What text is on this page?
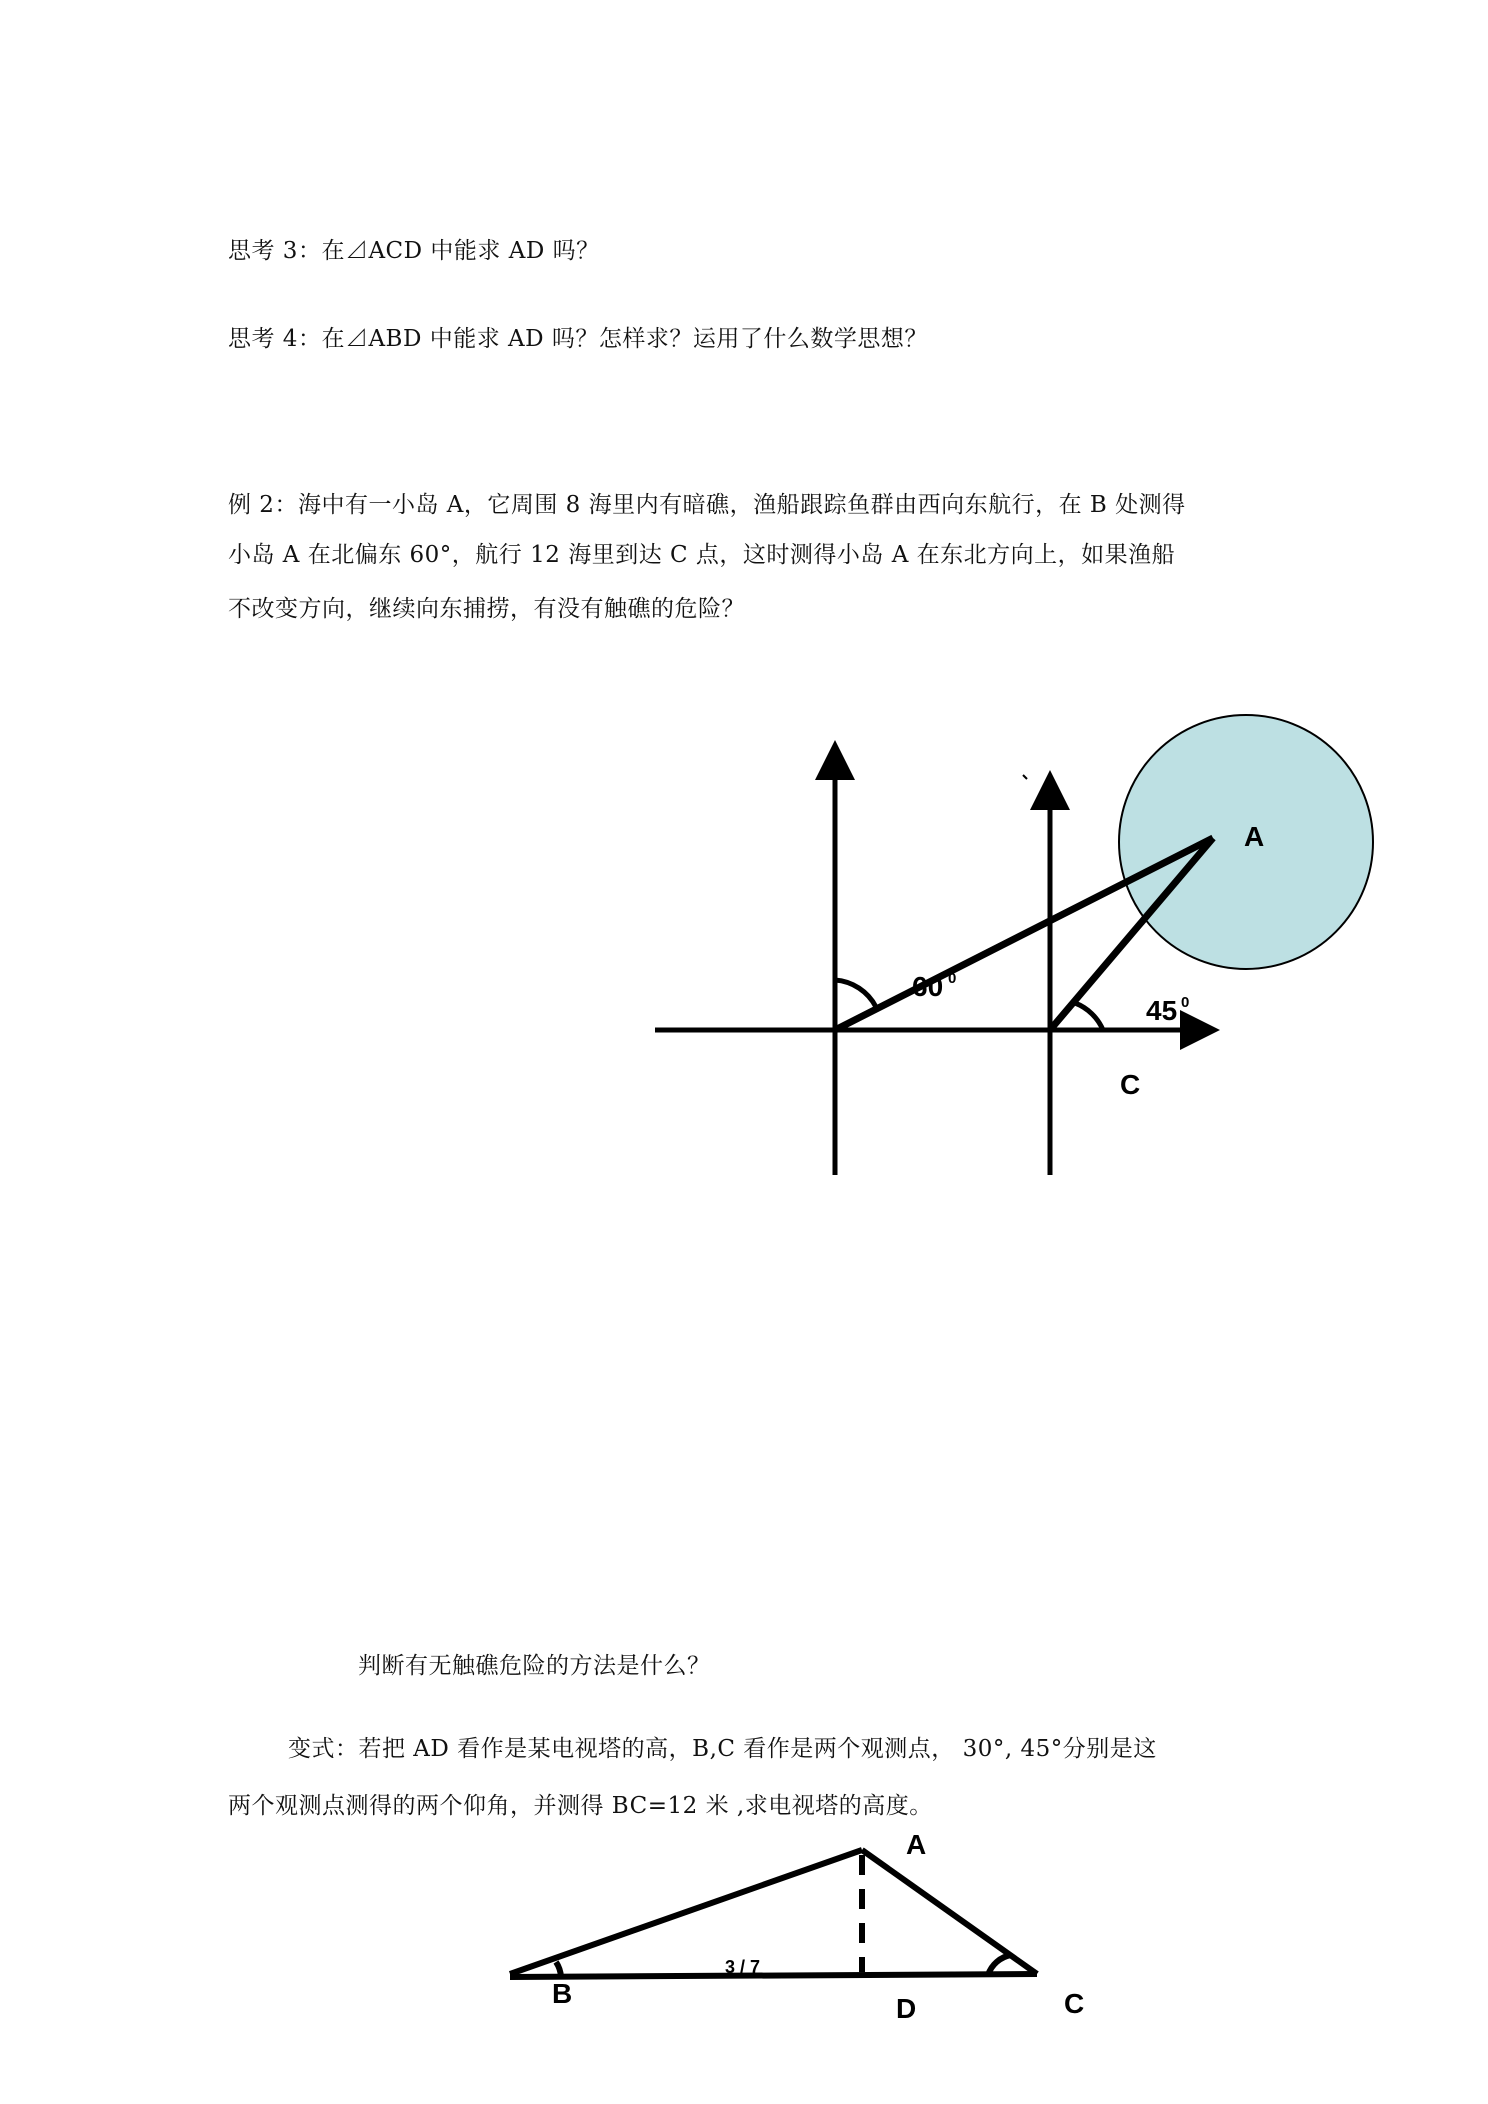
思考 3：在⊿ACD 中能求 AD 吗？
思考 4：在⊿ABD 中能求 AD 吗？怎样求？运用了什么数学思想？
例 2：海中有一小岛 A，它周围 8 海里内有暗礁，渔船跟踪鱼群由西向东航行，在 B 处测得
小岛 A 在北偏东 60°，航行 12 海里到达 C 点，这时测得小岛 A 在东北方向上，如果渔船
不改变方向，继续向东捕捞，有没有触礁的危险？
判断有无触礁危险的方法是什么？
变式：若把 AD 看作是某电视塔的高，B,C 看作是两个观测点， 30°, 45°分别是这
两个观测点测得的两个仰角，并测得 BC=12 米 ,求电视塔的高度。
A
C
60 0
45 0
A
B	D	C
3 / 7
